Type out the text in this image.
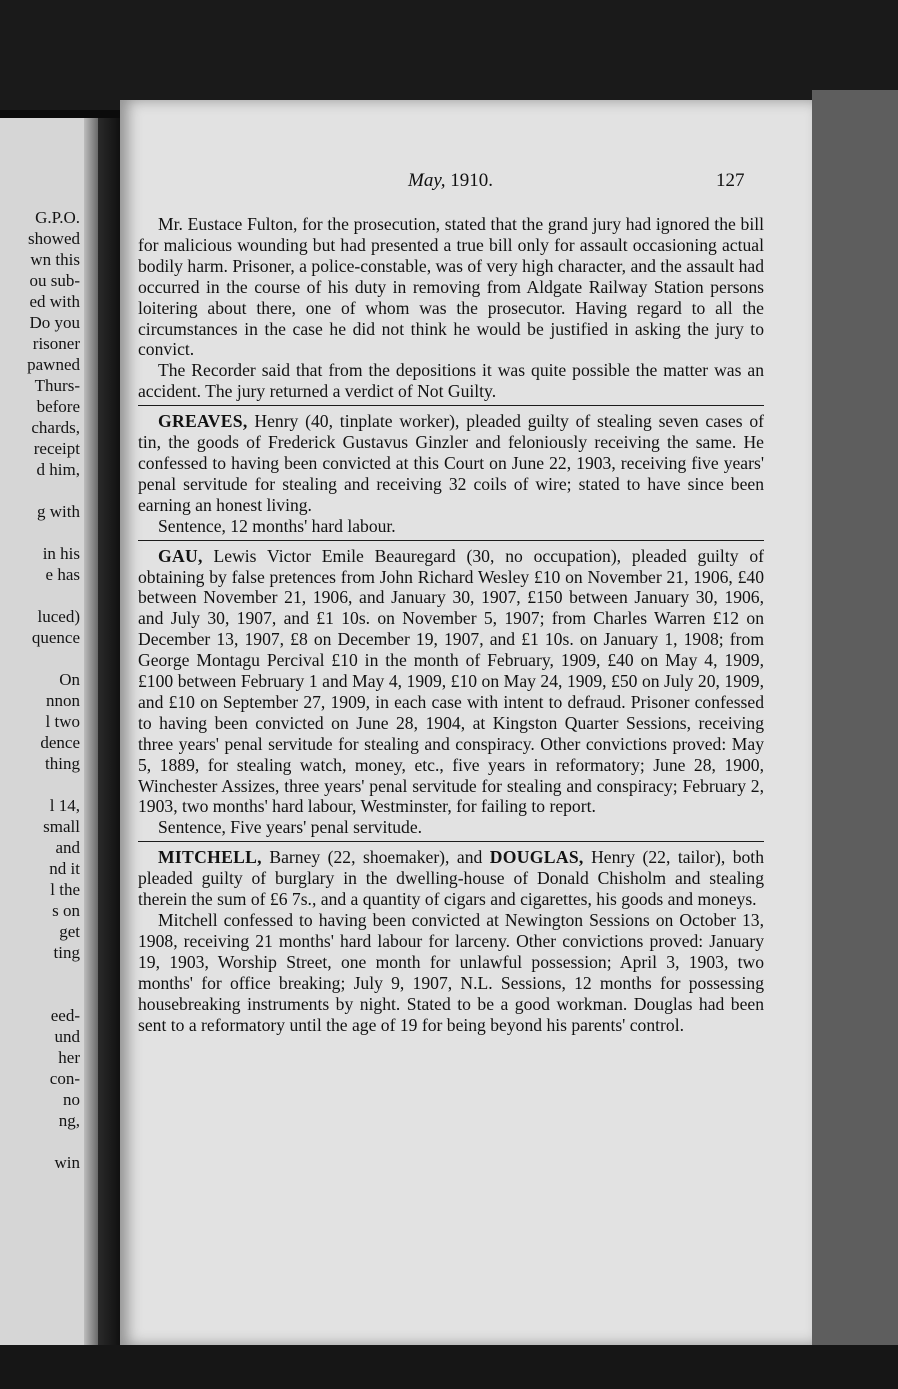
G.P.O.
showed
wn this
ou sub-
ed with
Do you
risoner
pawned
Thurs-
before
chards,
receipt
d him,
g with
in his
e has
luced)
quence
On
nnon
l two
dence
thing
l 14,
small
and
nd it
l the
s on
get
ting
eed-
und
her
con-
no
ng,
win
May, 1910.	127

Mr. Eustace Fulton, for the prosecution, stated that the grand jury had ignored the bill for malicious wounding but had presented a true bill only for assault occasioning actual bodily harm. Prisoner, a police-constable, was of very high character, and the assault had occurred in the course of his duty in removing from Aldgate Railway Station persons loitering about there, one of whom was the prosecutor. Having regard to all the circumstances in the case he did not think he would be justified in asking the jury to convict.

The Recorder said that from the depositions it was quite possible the matter was an accident. The jury returned a verdict of Not Guilty.

GREAVES, Henry (40, tinplate worker), pleaded guilty of stealing seven cases of tin, the goods of Frederick Gustavus Ginzler and feloniously receiving the same. He confessed to having been convicted at this Court on June 22, 1903, receiving five years' penal servitude for stealing and receiving 32 coils of wire; stated to have since been earning an honest living.

Sentence, 12 months' hard labour.

GAU, Lewis Victor Emile Beauregard (30, no occupation), pleaded guilty of obtaining by false pretences from John Richard Wesley £10 on November 21, 1906, £40 between November 21, 1906, and January 30, 1907, £150 between January 30, 1906, and July 30, 1907, and £1 10s. on November 5, 1907; from Charles Warren £12 on December 13, 1907, £8 on December 19, 1907, and £1 10s. on January 1, 1908; from George Montagu Percival £10 in the month of February, 1909, £40 on May 4, 1909, £100 between February 1 and May 4, 1909, £10 on May 24, 1909, £50 on July 20, 1909, and £10 on September 27, 1909, in each case with intent to defraud. Prisoner confessed to having been convicted on June 28, 1904, at Kingston Quarter Sessions, receiving three years' penal servitude for stealing and conspiracy. Other convictions proved: May 5, 1889, for stealing watch, money, etc., five years in reformatory; June 28, 1900, Winchester Assizes, three years' penal servitude for stealing and conspiracy; February 2, 1903, two months' hard labour, Westminster, for failing to report.

Sentence, Five years' penal servitude.

MITCHELL, Barney (22, shoemaker), and DOUGLAS, Henry (22, tailor), both pleaded guilty of burglary in the dwelling-house of Donald Chisholm and stealing therein the sum of £6 7s., and a quantity of cigars and cigarettes, his goods and moneys.

Mitchell confessed to having been convicted at Newington Sessions on October 13, 1908, receiving 21 months' hard labour for larceny. Other convictions proved: January 19, 1903, Worship Street, one month for unlawful possession; April 3, 1903, two months' for office breaking; July 9, 1907, N.L. Sessions, 12 months for possessing housebreaking instruments by night. Stated to be a good workman. Douglas had been sent to a reformatory until the age of 19 for being beyond his parents' control.
